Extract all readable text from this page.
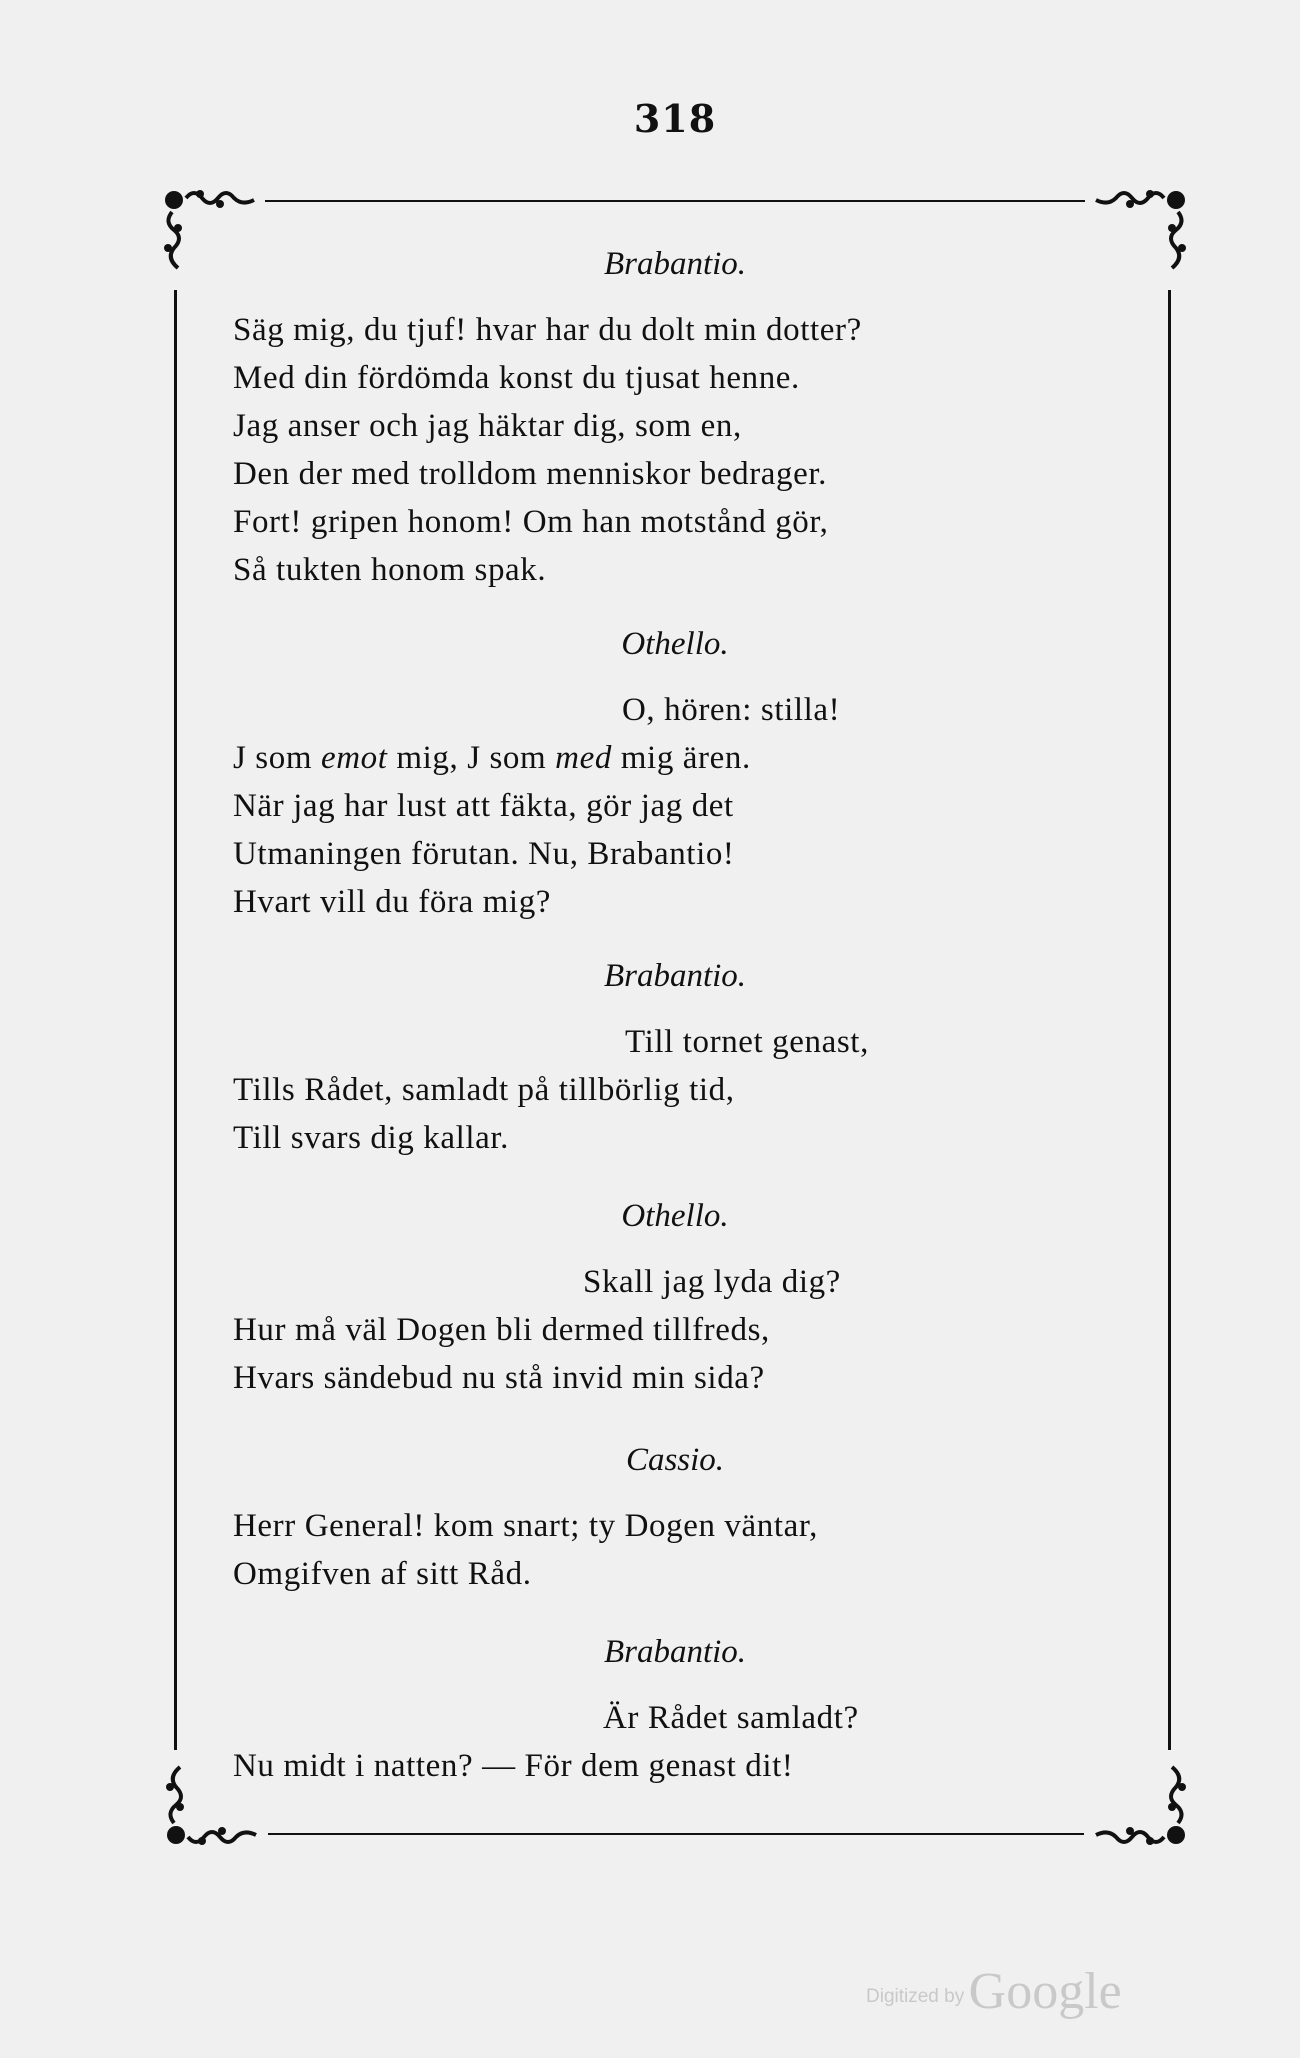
318
Brabantio.
Säg mig, du tjuf! hvar har du dolt min dotter?
Med din fördömda konst du tjusat henne.
Jag anser och jag häktar dig, som en,
Den der med trolldom menniskor bedrager.
Fort! gripen honom! Om han motstånd gör,
Så tukten honom spak.
Othello.
O, hören: stilla!
J som emot mig, J som med mig ären.
När jag har lust att fäkta, gör jag det
Utmaningen förutan. Nu, Brabantio!
Hvart vill du föra mig?
Brabantio.
Till tornet genast,
Tills Rådet, samladt på tillbörlig tid,
Till svars dig kallar.
Othello.
Skall jag lyda dig?
Hur må väl Dogen bli dermed tillfreds,
Hvars sändebud nu stå invid min sida?
Cassio.
Herr General! kom snart; ty Dogen väntar,
Omgifven af sitt Råd.
Brabantio.
Är Rådet samladt?
Nu midt i natten? — För dem genast dit!
Digitized by Google
